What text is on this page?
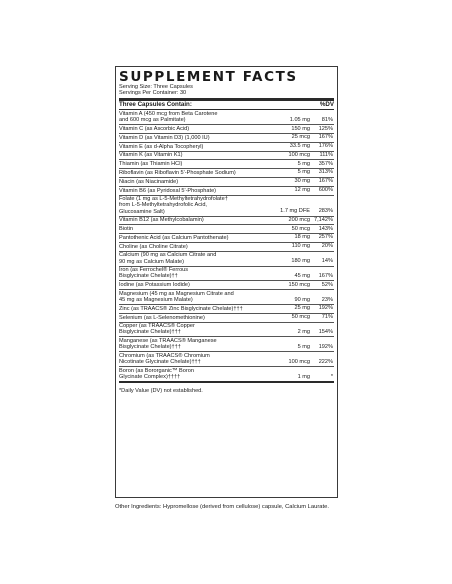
SUPPLEMENT FACTS
Serving Size: Three Capsules
Servings Per Container: 30
Three Capsules Contain:	%DV
Vitamin A (450 mcg from Beta Carotene
and 600 mcg as Palmitate)	1.05 mg 81%
Vitamin C (as Ascorbic Acid)	150 mg 125%
Vitamin D (as Vitamin D3) (1,000 IU)	25 mcg 167%
Vitamin E (as d-Alpha Tocopheryl)	33.5 mg 176%
Vitamin K (as Vitamin K1)	100 mcg 111%
Thiamin (as Thiamin HCl)	5 mg 357%
Riboflavin (as Riboflavin 5'-Phosphate Sodium)	5 mg 313%
Niacin (as Niacinamide)	30 mg 167%
Vitamin B6 (as Pyridoxal 5'-Phosphate)	12 mg 600%
Folate (1 mg as L-5-Methyltetrahydrofolate†
from L-5-Methyltetrahydrofolic Acid,
Glucosamine Salt)	1.7 mg DFE 283%
Vitamin B12 (as Methylcobalamin)	200 mcg 7,142%
Biotin	50 mcg 143%
Pantothenic Acid (as Calcium Pantothenate)	18 mg 257%
Choline (as Choline Citrate)	110 mg 20%
Calcium (90 mg as Calcium Citrate and
90 mg as Calcium Malate)	180 mg 14%
Iron (as Ferrochel® Ferrous
Bisglycinate Chelate)††	45 mg 167%
Iodine (as Potassium Iodide)	150 mcg 52%
Magnesium (45 mg as Magnesium Citrate and
45 mg as Magnesium Malate)	90 mg 23%
Zinc (as TRAACS® Zinc Bisglycinate Chelate)†††	25 mg 192%
Selenium (as L-Selenomethionine)	50 mcg 71%
Copper (as TRAACS® Copper
Bisglycinate Chelate)†††	2 mg 154%
Manganese (as TRAACS® Manganese
Bisglycinate Chelate)†††	5 mg 192%
Chromium (as TRAACS® Chromium
Nicotinate Glycinate Chelate)†††	100 mcg 222%
Boron (as Bororganic™ Boron
Glycinate Complex)††††	1 mg	*
*Daily Value (DV) not established.
Other Ingredients: Hypromellose (derived from cellulose) capsule, Calcium Laurate.
